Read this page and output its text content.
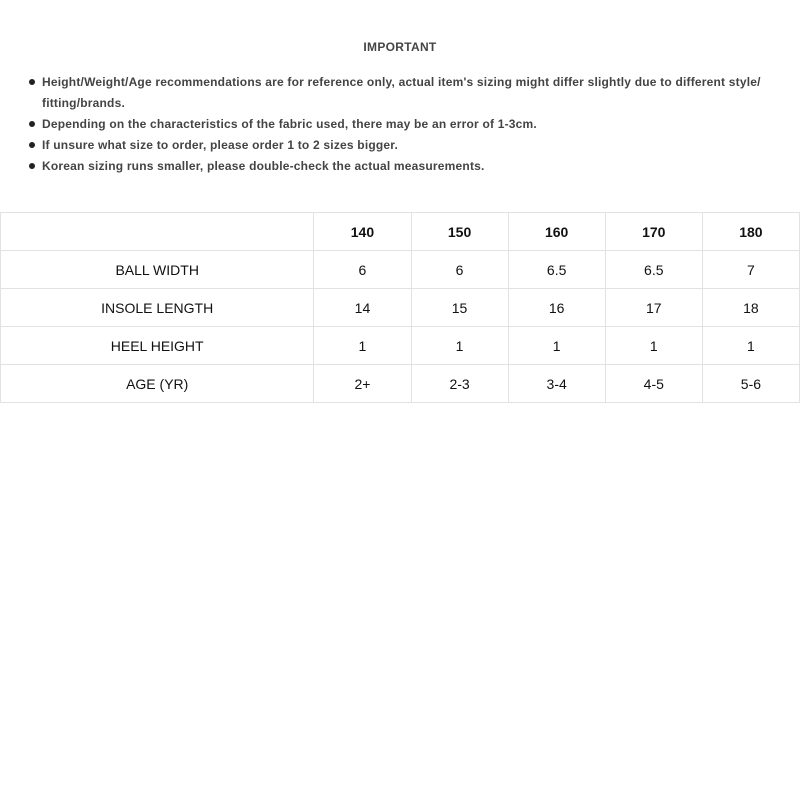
IMPORTANT
Height/Weight/Age recommendations are for reference only, actual item's sizing might differ slightly due to different style/ fitting/brands.
Depending on the characteristics of the fabric used, there may be an error of 1-3cm.
If unsure what size to order, please order 1 to 2 sizes bigger.
Korean sizing runs smaller, please double-check the actual measurements.
	140	150	160	170	180
BALL WIDTH	6	6	6.5	6.5	7
INSOLE LENGTH	14	15	16	17	18
HEEL HEIGHT	1	1	1	1	1
AGE (YR)	2+	2-3	3-4	4-5	5-6
